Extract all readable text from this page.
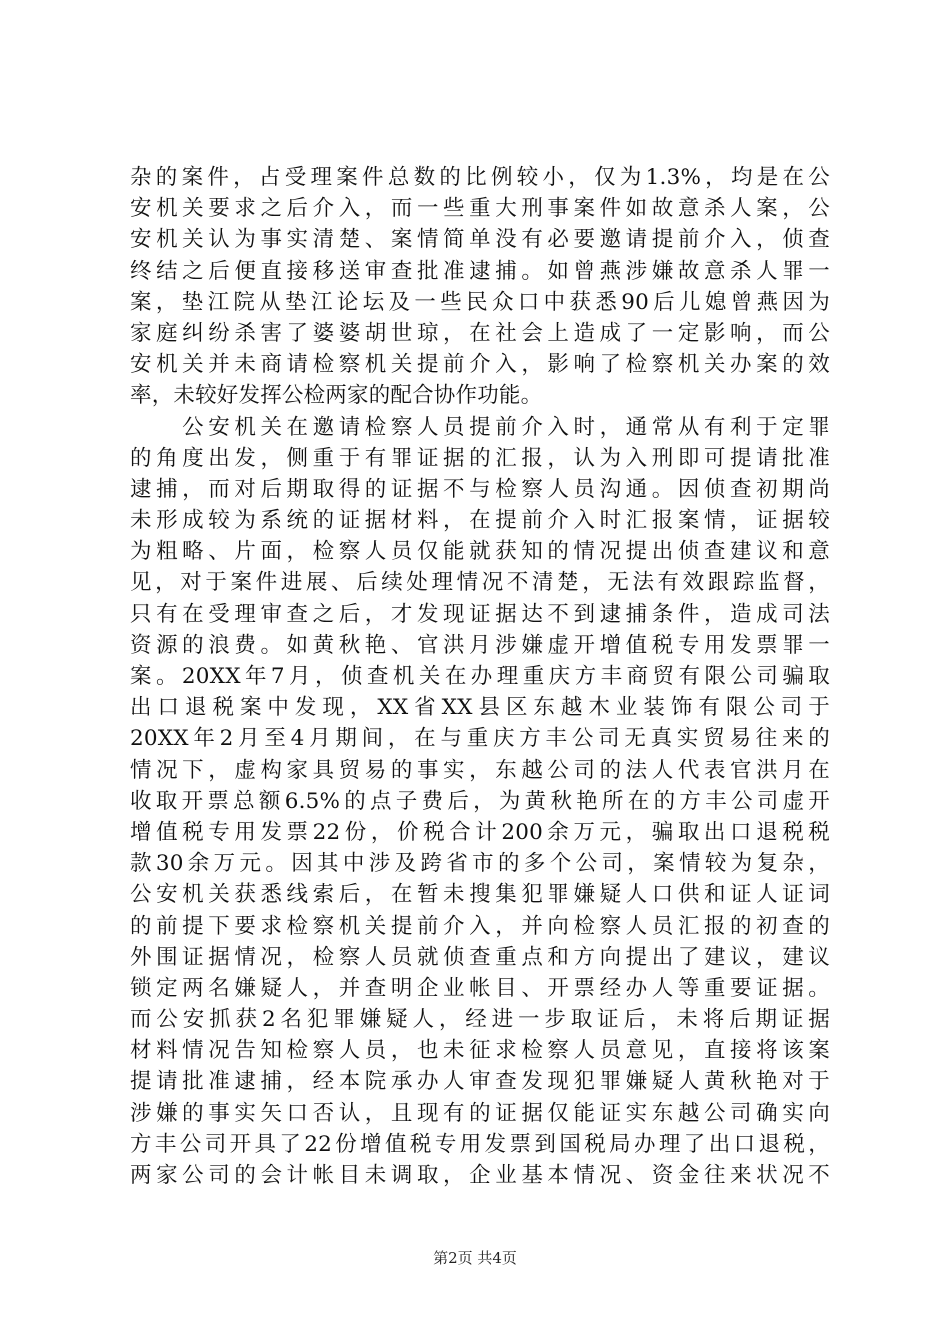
杂的案件，占受理案件总数的比例较小，仅为1.3%，均是在公
安机关要求之后介入，而一些重大刑事案件如故意杀人案，公
安机关认为事实清楚、案情简单没有必要邀请提前介入，侦查
终结之后便直接移送审查批准逮捕。如曾燕涉嫌故意杀人罪一
案，垫江院从垫江论坛及一些民众口中获悉90后儿媳曾燕因为
家庭纠纷杀害了婆婆胡世琼，在社会上造成了一定影响，而公
安机关并未商请检察机关提前介入，影响了检察机关办案的效
率，未较好发挥公检两家的配合协作功能。
　　公安机关在邀请检察人员提前介入时，通常从有利于定罪
的角度出发，侧重于有罪证据的汇报，认为入刑即可提请批准
逮捕，而对后期取得的证据不与检察人员沟通。因侦查初期尚
未形成较为系统的证据材料，在提前介入时汇报案情，证据较
为粗略、片面，检察人员仅能就获知的情况提出侦查建议和意
见，对于案件进展、后续处理情况不清楚，无法有效跟踪监督，
只有在受理审查之后，才发现证据达不到逮捕条件，造成司法
资源的浪费。如黄秋艳、官洪月涉嫌虚开增值税专用发票罪一
案。20XX年7月，侦查机关在办理重庆方丰商贸有限公司骗取
出口退税案中发现，XX省XX县区东越木业装饰有限公司于
20XX年2月至4月期间，在与重庆方丰公司无真实贸易往来的
情况下，虚构家具贸易的事实，东越公司的法人代表官洪月在
收取开票总额6.5%的点子费后，为黄秋艳所在的方丰公司虚开
增值税专用发票22份，价税合计200余万元，骗取出口退税税
款30余万元。因其中涉及跨省市的多个公司，案情较为复杂，
公安机关获悉线索后，在暂未搜集犯罪嫌疑人口供和证人证词
的前提下要求检察机关提前介入，并向检察人员汇报的初查的
外围证据情况，检察人员就侦查重点和方向提出了建议，建议
锁定两名嫌疑人，并查明企业帐目、开票经办人等重要证据。
而公安抓获2名犯罪嫌疑人，经进一步取证后，未将后期证据
材料情况告知检察人员，也未征求检察人员意见，直接将该案
提请批准逮捕，经本院承办人审查发现犯罪嫌疑人黄秋艳对于
涉嫌的事实矢口否认，且现有的证据仅能证实东越公司确实向
方丰公司开具了22份增值税专用发票到国税局办理了出口退税，
两家公司的会计帐目未调取，企业基本情况、资金往来状况不
第2页 共4页
